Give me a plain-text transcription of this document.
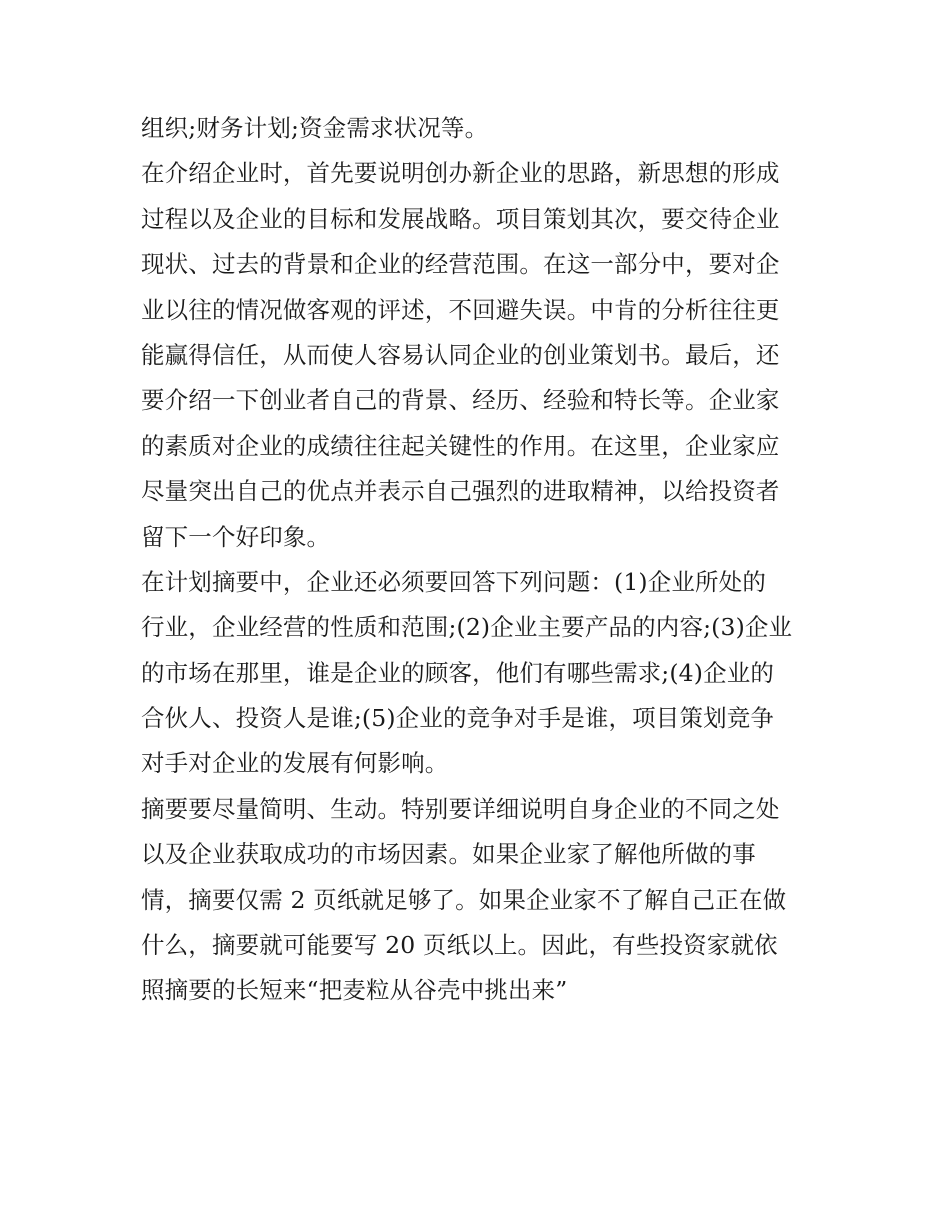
组织;财务计划;资金需求状况等。
在介绍企业时，首先要说明创办新企业的思路，新思想的形成
过程以及企业的目标和发展战略。项目策划其次，要交待企业
现状、过去的背景和企业的经营范围。在这一部分中，要对企
业以往的情况做客观的评述，不回避失误。中肯的分析往往更
能赢得信任，从而使人容易认同企业的创业策划书。最后，还
要介绍一下创业者自己的背景、经历、经验和特长等。企业家
的素质对企业的成绩往往起关键性的作用。在这里，企业家应
尽量突出自己的优点并表示自己强烈的进取精神，以给投资者
留下一个好印象。
在计划摘要中，企业还必须要回答下列问题：(1)企业所处的
行业，企业经营的性质和范围;(2)企业主要产品的内容;(3)企业
的市场在那里，谁是企业的顾客，他们有哪些需求;(4)企业的
合伙人、投资人是谁;(5)企业的竞争对手是谁，项目策划竞争
对手对企业的发展有何影响。
摘要要尽量简明、生动。特别要详细说明自身企业的不同之处
以及企业获取成功的市场因素。如果企业家了解他所做的事
情，摘要仅需 2 页纸就足够了。如果企业家不了解自己正在做
什么，摘要就可能要写 20 页纸以上。因此，有些投资家就依
照摘要的长短来“把麦粒从谷壳中挑出来”
